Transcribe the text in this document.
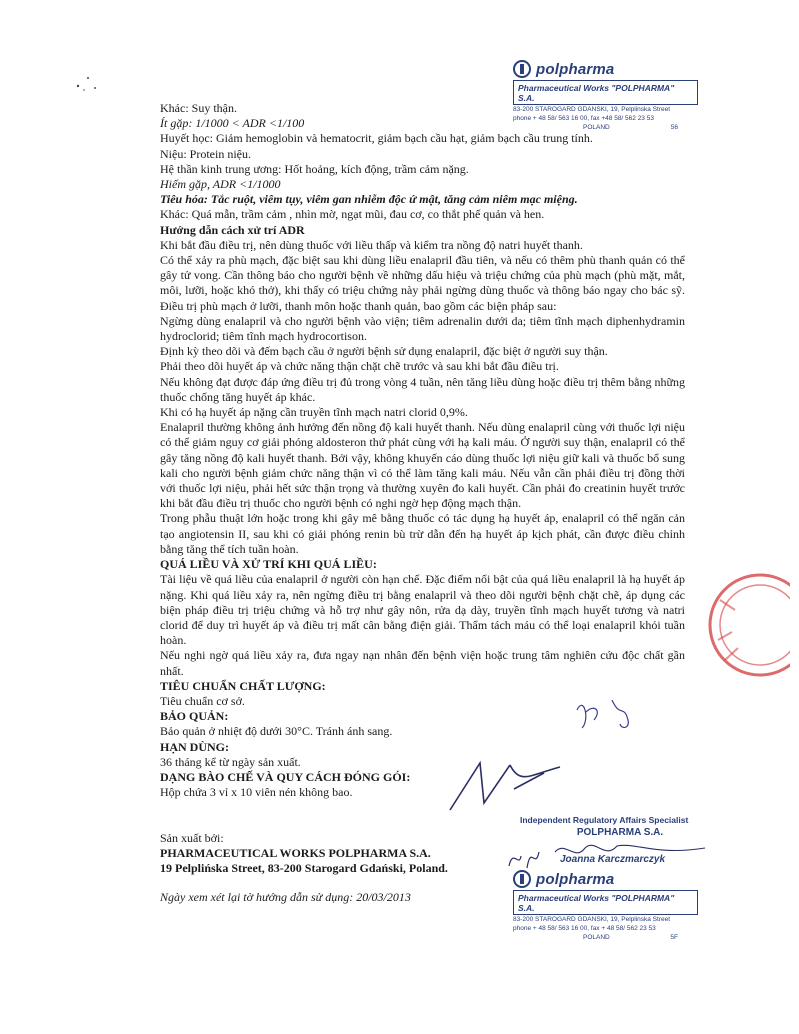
polpharma
Pharmaceutical Works "POLPHARMA" S.A.
83-200 STAROGARD GDANSKI, 19, Pelplinska Street
phone + 48 58/ 563 16 00, fax +48 58/ 562 23 53
POLAND	56

Khác: Suy thận.

Ít gặp: 1/1000 < ADR <1/100

Huyết học: Giảm hemoglobin và hematocrit, giảm bạch cầu hạt, giảm bạch cầu trung tính.

Niệu: Protein niệu.

Hệ thần kinh trung ương: Hốt hoảng, kích động, trầm cảm nặng.

Hiếm gặp, ADR <1/1000

Tiêu hóa: Tắc ruột, viêm tụy, viêm gan nhiễm độc ứ mật, tăng cảm niêm mạc miệng.

Khác: Quá mẫn, trầm cảm , nhìn mờ, ngạt mũi, đau cơ, co thắt phế quản và hen.

Hướng dẫn cách xử trí ADR

Khi bắt đầu điều trị, nên dùng thuốc với liều thấp và kiểm tra nồng độ natri huyết thanh.

Có thể xảy ra phù mạch, đặc biệt sau khi dùng liều enalapril đầu tiên, và nếu có thêm phù thanh quản có thể gây tử vong. Cần thông báo cho người bệnh về những dấu hiệu và triệu chứng của phù mạch (phù mặt, mắt, môi, lưỡi, hoặc khó thở), khi thấy có triệu chứng này phải ngừng dùng thuốc và thông báo ngay cho bác sỹ. Điều trị phù mạch ở lưỡi, thanh môn hoặc thanh quản, bao gồm các biện pháp sau:

Ngừng dùng enalapril và cho người bệnh vào viện; tiêm adrenalin dưới da; tiêm tĩnh mạch diphenhydramin hydroclorid; tiêm tĩnh mạch hydrocortison.

Định kỳ theo dõi và đếm bạch cầu ở người bệnh sử dụng enalapril, đặc biệt ở người suy thận.

Phải theo dõi huyết áp và chức năng thận chặt chẽ trước và sau khi bắt đầu điều trị.

Nếu không đạt được đáp ứng điều trị đủ trong vòng 4 tuần, nên tăng liều dùng hoặc điều trị thêm bằng những thuốc chống tăng huyết áp khác.

Khi có hạ huyết áp nặng cần truyền tĩnh mạch natri clorid 0,9%.

Enalapril thường không ảnh hưởng đến nồng độ kali huyết thanh. Nếu dùng enalapril cùng với thuốc lợi niệu có thể giảm nguy cơ giải phóng aldosteron thứ phát cùng với hạ kali máu. Ở người suy thận, enalapril có thể gây tăng nồng độ kali huyết thanh. Bởi vậy, không khuyến cáo dùng thuốc lợi niệu giữ kali và thuốc bổ sung kali cho người bệnh giảm chức năng thận vì có thể làm tăng kali máu. Nếu vẫn cần phải điều trị đồng thời với thuốc lợi niệu, phải hết sức thận trọng và thường xuyên đo kali huyết. Cần phải đo creatinin huyết trước khi bắt đầu điều trị thuốc cho người bệnh có nghi ngờ hẹp động mạch thận.

Trong phẫu thuật lớn hoặc trong khi gây mê bằng thuốc có tác dụng hạ huyết áp, enalapril có thể ngăn cản tạo angiotensin II, sau khi có giải phóng renin bù trừ dẫn đến hạ huyết áp kịch phát, cần được điều chỉnh bằng tăng thể tích tuần hoàn.

QUÁ LIỀU VÀ XỬ TRÍ KHI QUÁ LIỀU:

Tài liệu về quá liều của enalapril ở người còn hạn chế. Đặc điểm nổi bật của quá liều enalapril là hạ huyết áp nặng. Khi quá liều xảy ra, nên ngừng điều trị bằng enalapril và theo dõi người bệnh chặt chẽ, áp dụng các biện pháp điều trị triệu chứng và hỗ trợ như gây nôn, rửa dạ dày, truyền tĩnh mạch huyết tương và natri clorid để duy trì huyết áp và điều trị mất cân bằng điện giải. Thẩm tách máu có thể loại enalapril khỏi tuần hoàn.

Nếu nghi ngờ quá liều xảy ra, đưa ngay nạn nhân đến bệnh viện hoặc trung tâm nghiên cứu độc chất gần nhất.

TIÊU CHUẨN CHẤT LƯỢNG:

Tiêu chuẩn cơ sở.

BẢO QUẢN:

Bảo quản ở nhiệt độ dưới 30°C. Tránh ánh sang.

HẠN DÙNG:

36 tháng kể từ ngày sản xuất.

DẠNG BÀO CHẾ VÀ QUY CÁCH ĐÓNG GÓI:

Hộp chứa 3 vỉ x 10 viên nén không bao.

Sản xuất bởi:

PHARMACEUTICAL WORKS POLPHARMA S.A.

19 Pelplińska Street, 83-200 Starogard Gdański, Poland.

Ngày xem xét lại tờ hướng dẫn sử dụng: 20/03/2013
Independent Regulatory Affairs Specialist
POLPHARMA S.A.
Joanna Karczmarczyk
polpharma
Pharmaceutical Works "POLPHARMA" S.A.
83-200 STAROGARD GDANSKI, 19, Pelplinska Street
phone + 48 58/ 563 16 00, fax + 48 58/ 562 23 53
POLAND	5F
